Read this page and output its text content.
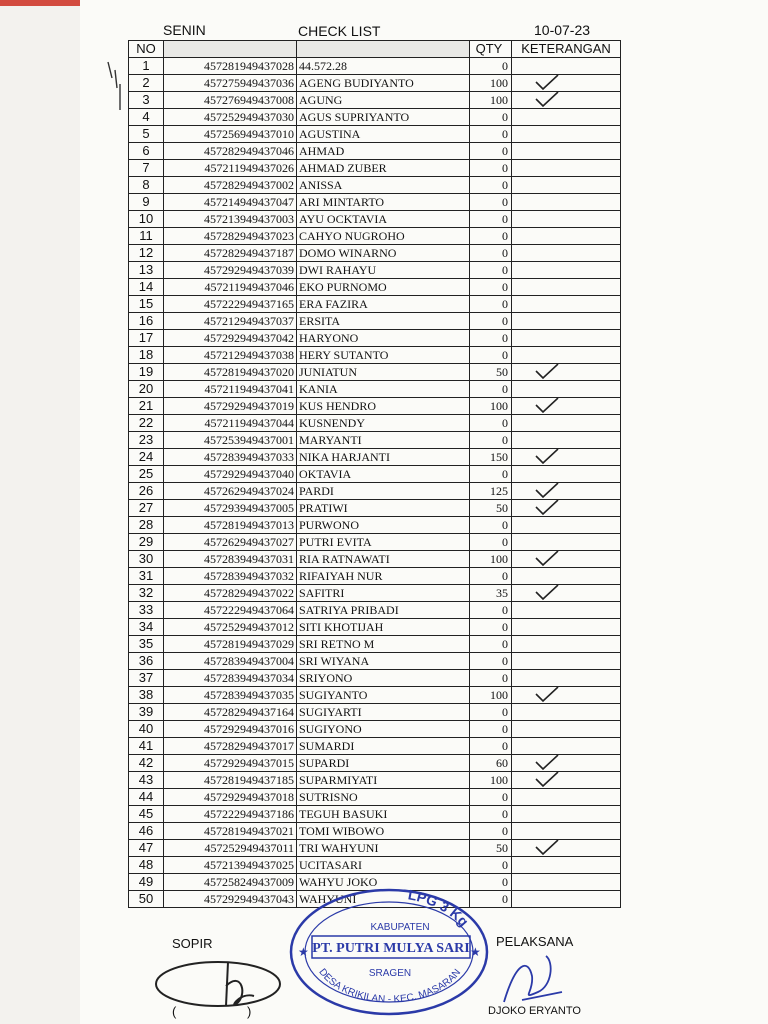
SENIN	CHECK LIST	10-07-23
NO			QTY	KETERANGAN
1	457281949437028	44.572.28	0	
2	457275949437036	AGENG BUDIYANTO	100	

3	457276949437008	AGUNG	100	

4	457252949437030	AGUS SUPRIYANTO	0	
5	457256949437010	AGUSTINA	0	
6	457282949437046	AHMAD	0	
7	457211949437026	AHMAD ZUBER	0	
8	457282949437002	ANISSA	0	
9	457214949437047	ARI MINTARTO	0	
10	457213949437003	AYU OCKTAVIA	0	
11	457282949437023	CAHYO NUGROHO	0	
12	457282949437187	DOMO WINARNO	0	
13	457292949437039	DWI RAHAYU	0	
14	457211949437046	EKO PURNOMO	0	
15	457222949437165	ERA FAZIRA	0	
16	457212949437037	ERSITA	0	
17	457292949437042	HARYONO	0	
18	457212949437038	HERY SUTANTO	0	
19	457281949437020	JUNIATUN	50	

20	457211949437041	KANIA	0	
21	457292949437019	KUS HENDRO	100	

22	457211949437044	KUSNENDY	0	
23	457253949437001	MARYANTI	0	
24	457283949437033	NIKA HARJANTI	150	

25	457292949437040	OKTAVIA	0	
26	457262949437024	PARDI	125	

27	457293949437005	PRATIWI	50	

28	457281949437013	PURWONO	0	
29	457262949437027	PUTRI EVITA	0	
30	457283949437031	RIA RATNAWATI	100	

31	457283949437032	RIFAIYAH NUR	0	
32	457282949437022	SAFITRI	35	

33	457222949437064	SATRIYA PRIBADI	0	
34	457252949437012	SITI KHOTIJAH	0	
35	457281949437029	SRI RETNO M	0	
36	457283949437004	SRI WIYANA	0	
37	457283949437034	SRIYONO	0	
38	457283949437035	SUGIYANTO	100	

39	457282949437164	SUGIYARTI	0	
40	457292949437016	SUGIYONO	0	
41	457282949437017	SUMARDI	0	
42	457292949437015	SUPARDI	60	

43	457281949437185	SUPARMIYATI	100	

44	457292949437018	SUTRISNO	0	
45	457222949437186	TEGUH BASUKI	0	
46	457281949437021	TOMI WIBOWO	0	
47	457252949437011	TRI WAHYUNI	50	

48	457213949437025	UCITASARI	0	
49	457258249437009	WAHYU JOKO	0	
50	457292949437043	WAHYUNI	0	
SOPIR
(	)
PELAKSANA
DJOKO ERYANTO
LPG 3 Kg
KABUPATEN
PT. PUTRI MULYA SARI
SRAGEN
DESA KRIKILAN - KEC. MASARAN
★	★
